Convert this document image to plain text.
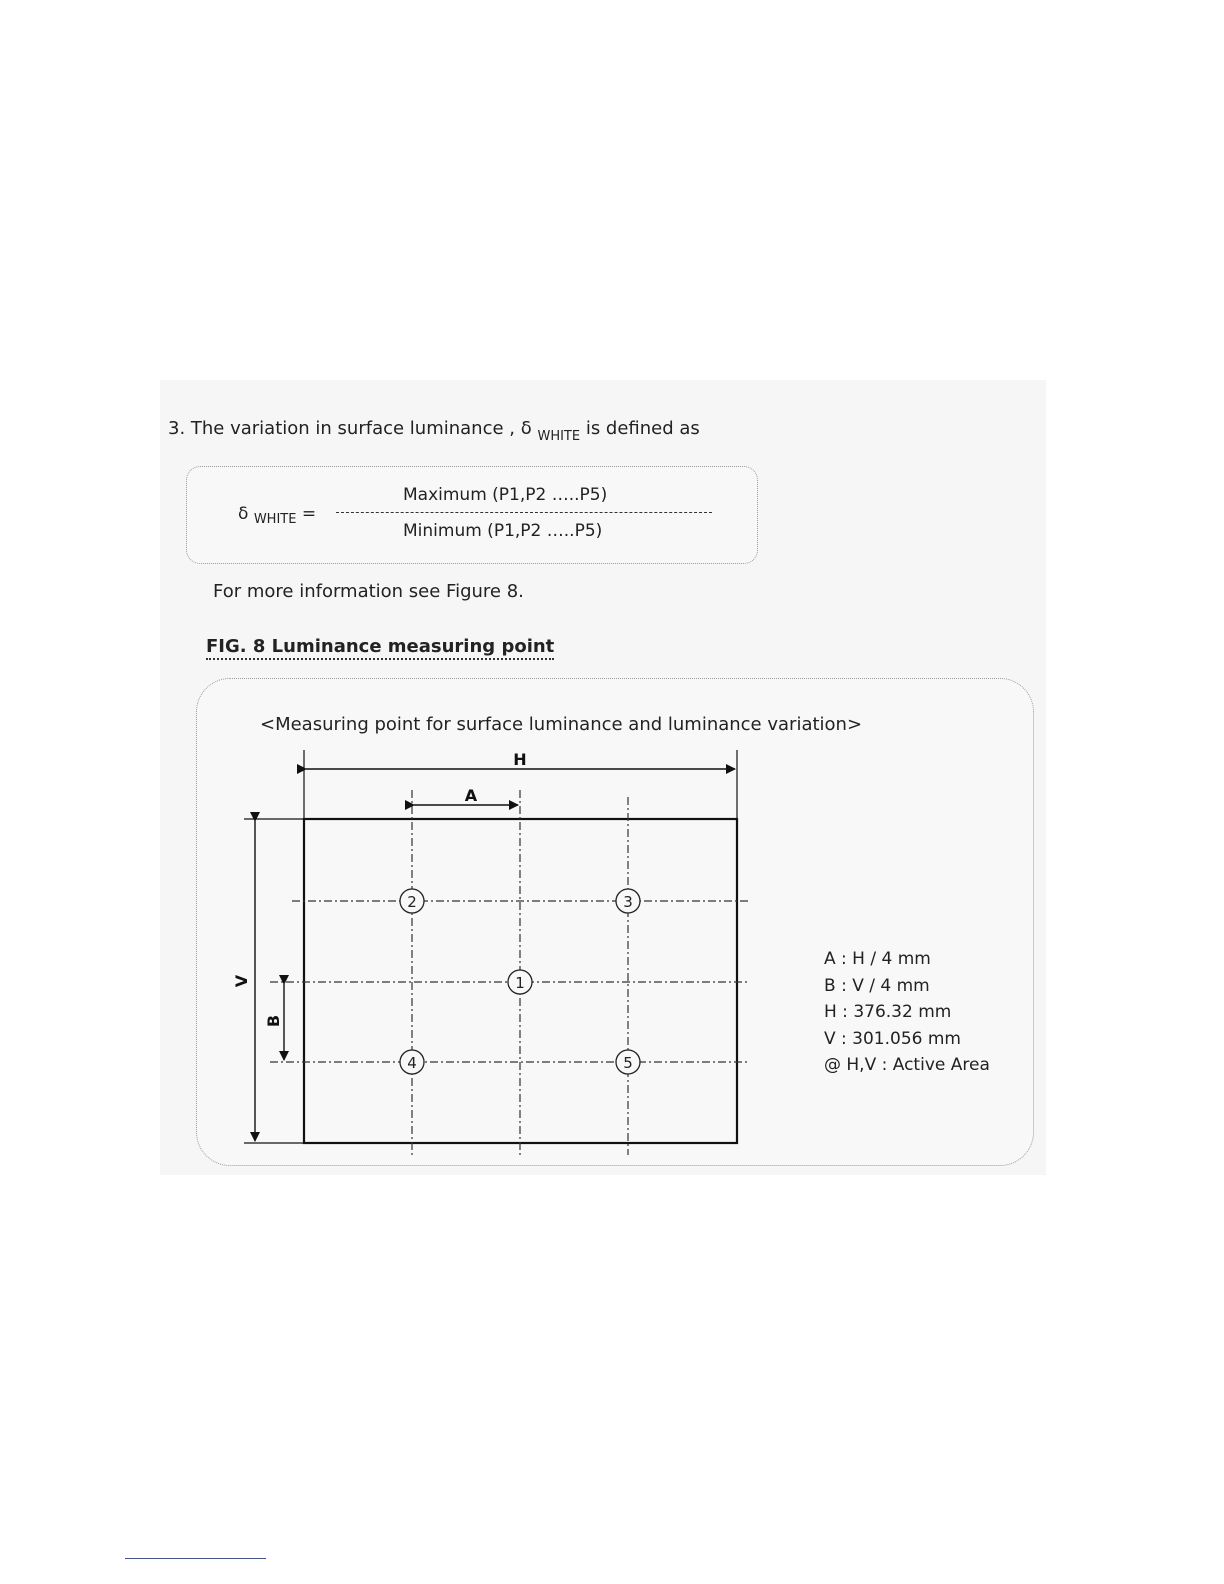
3. The variation in surface luminance , δ $_{WHITE}$ is defined as
δ $_{WHITE}$ =
Maximum (P1,P2 …..P5)
Minimum (P1,P2 …..P5)
For more information see Figure 8.
FIG. 8 Luminance measuring point
<Measuring point for surface luminance and luminance variation>
H
A
V
B
1
2	3
4	5
A : H / 4 mm
B : V / 4 mm
H : 376.32 mm
V : 301.056 mm
@ H,V : Active Area
